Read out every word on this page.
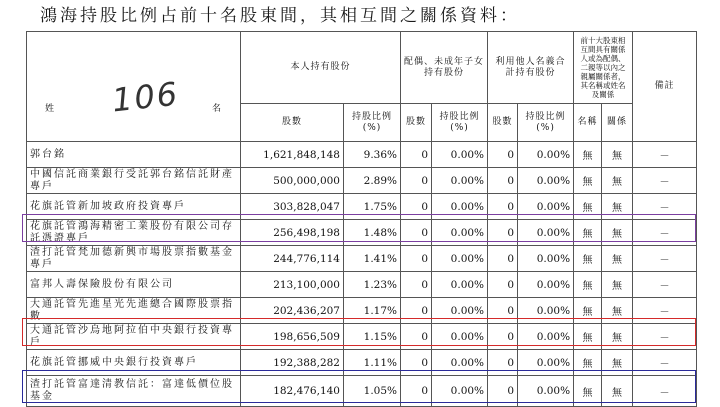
鴻海持股比例占前十名股東間，其相互間之關係資料：
姓 名	本人持有股份		配偶、未成年子女持有股份		利用他人名義合計持有股份		前十大股東相互間具有關係人或為配偶、二親等以內之親屬關係者，其名稱或姓名及關係		備註
	股數	持股比例(%)	股數	持股比例(%)	股數	持股比例(%)	名稱	關係	
郭台銘	1,621,848,148	9.36%	0	0.00%	0	0.00%	無	無	－
中國信託商業銀行受託郭台銘信託財產專戶	500,000,000	2.89%	0	0.00%	0	0.00%	無	無	－
花旗託管新加坡政府投資專戶	303,828,047	1.75%	0	0.00%	0	0.00%	無	無	－
花旗託管鴻海精密工業股份有限公司存託憑證專戶	256,498,198	1.48%	0	0.00%	0	0.00%	無	無	－
渣打託管梵加德新興市場股票指數基金專戶	244,776,114	1.41%	0	0.00%	0	0.00%	無	無	－
富邦人壽保險股份有限公司	213,100,000	1.23%	0	0.00%	0	0.00%	無	無	－
大通託管先進星光先進總合國際股票指數	202,436,207	1.17%	0	0.00%	0	0.00%	無	無	－
大通託管沙烏地阿拉伯中央銀行投資專戶	198,656,509	1.15%	0	0.00%	0	0.00%	無	無	－
花旗託管挪威中央銀行投資專戶	192,388,282	1.11%	0	0.00%	0	0.00%	無	無	－
渣打託管富達清教信託：富達低價位股基金	182,476,140	1.05%	0	0.00%	0	0.00%	無	無	－
106
